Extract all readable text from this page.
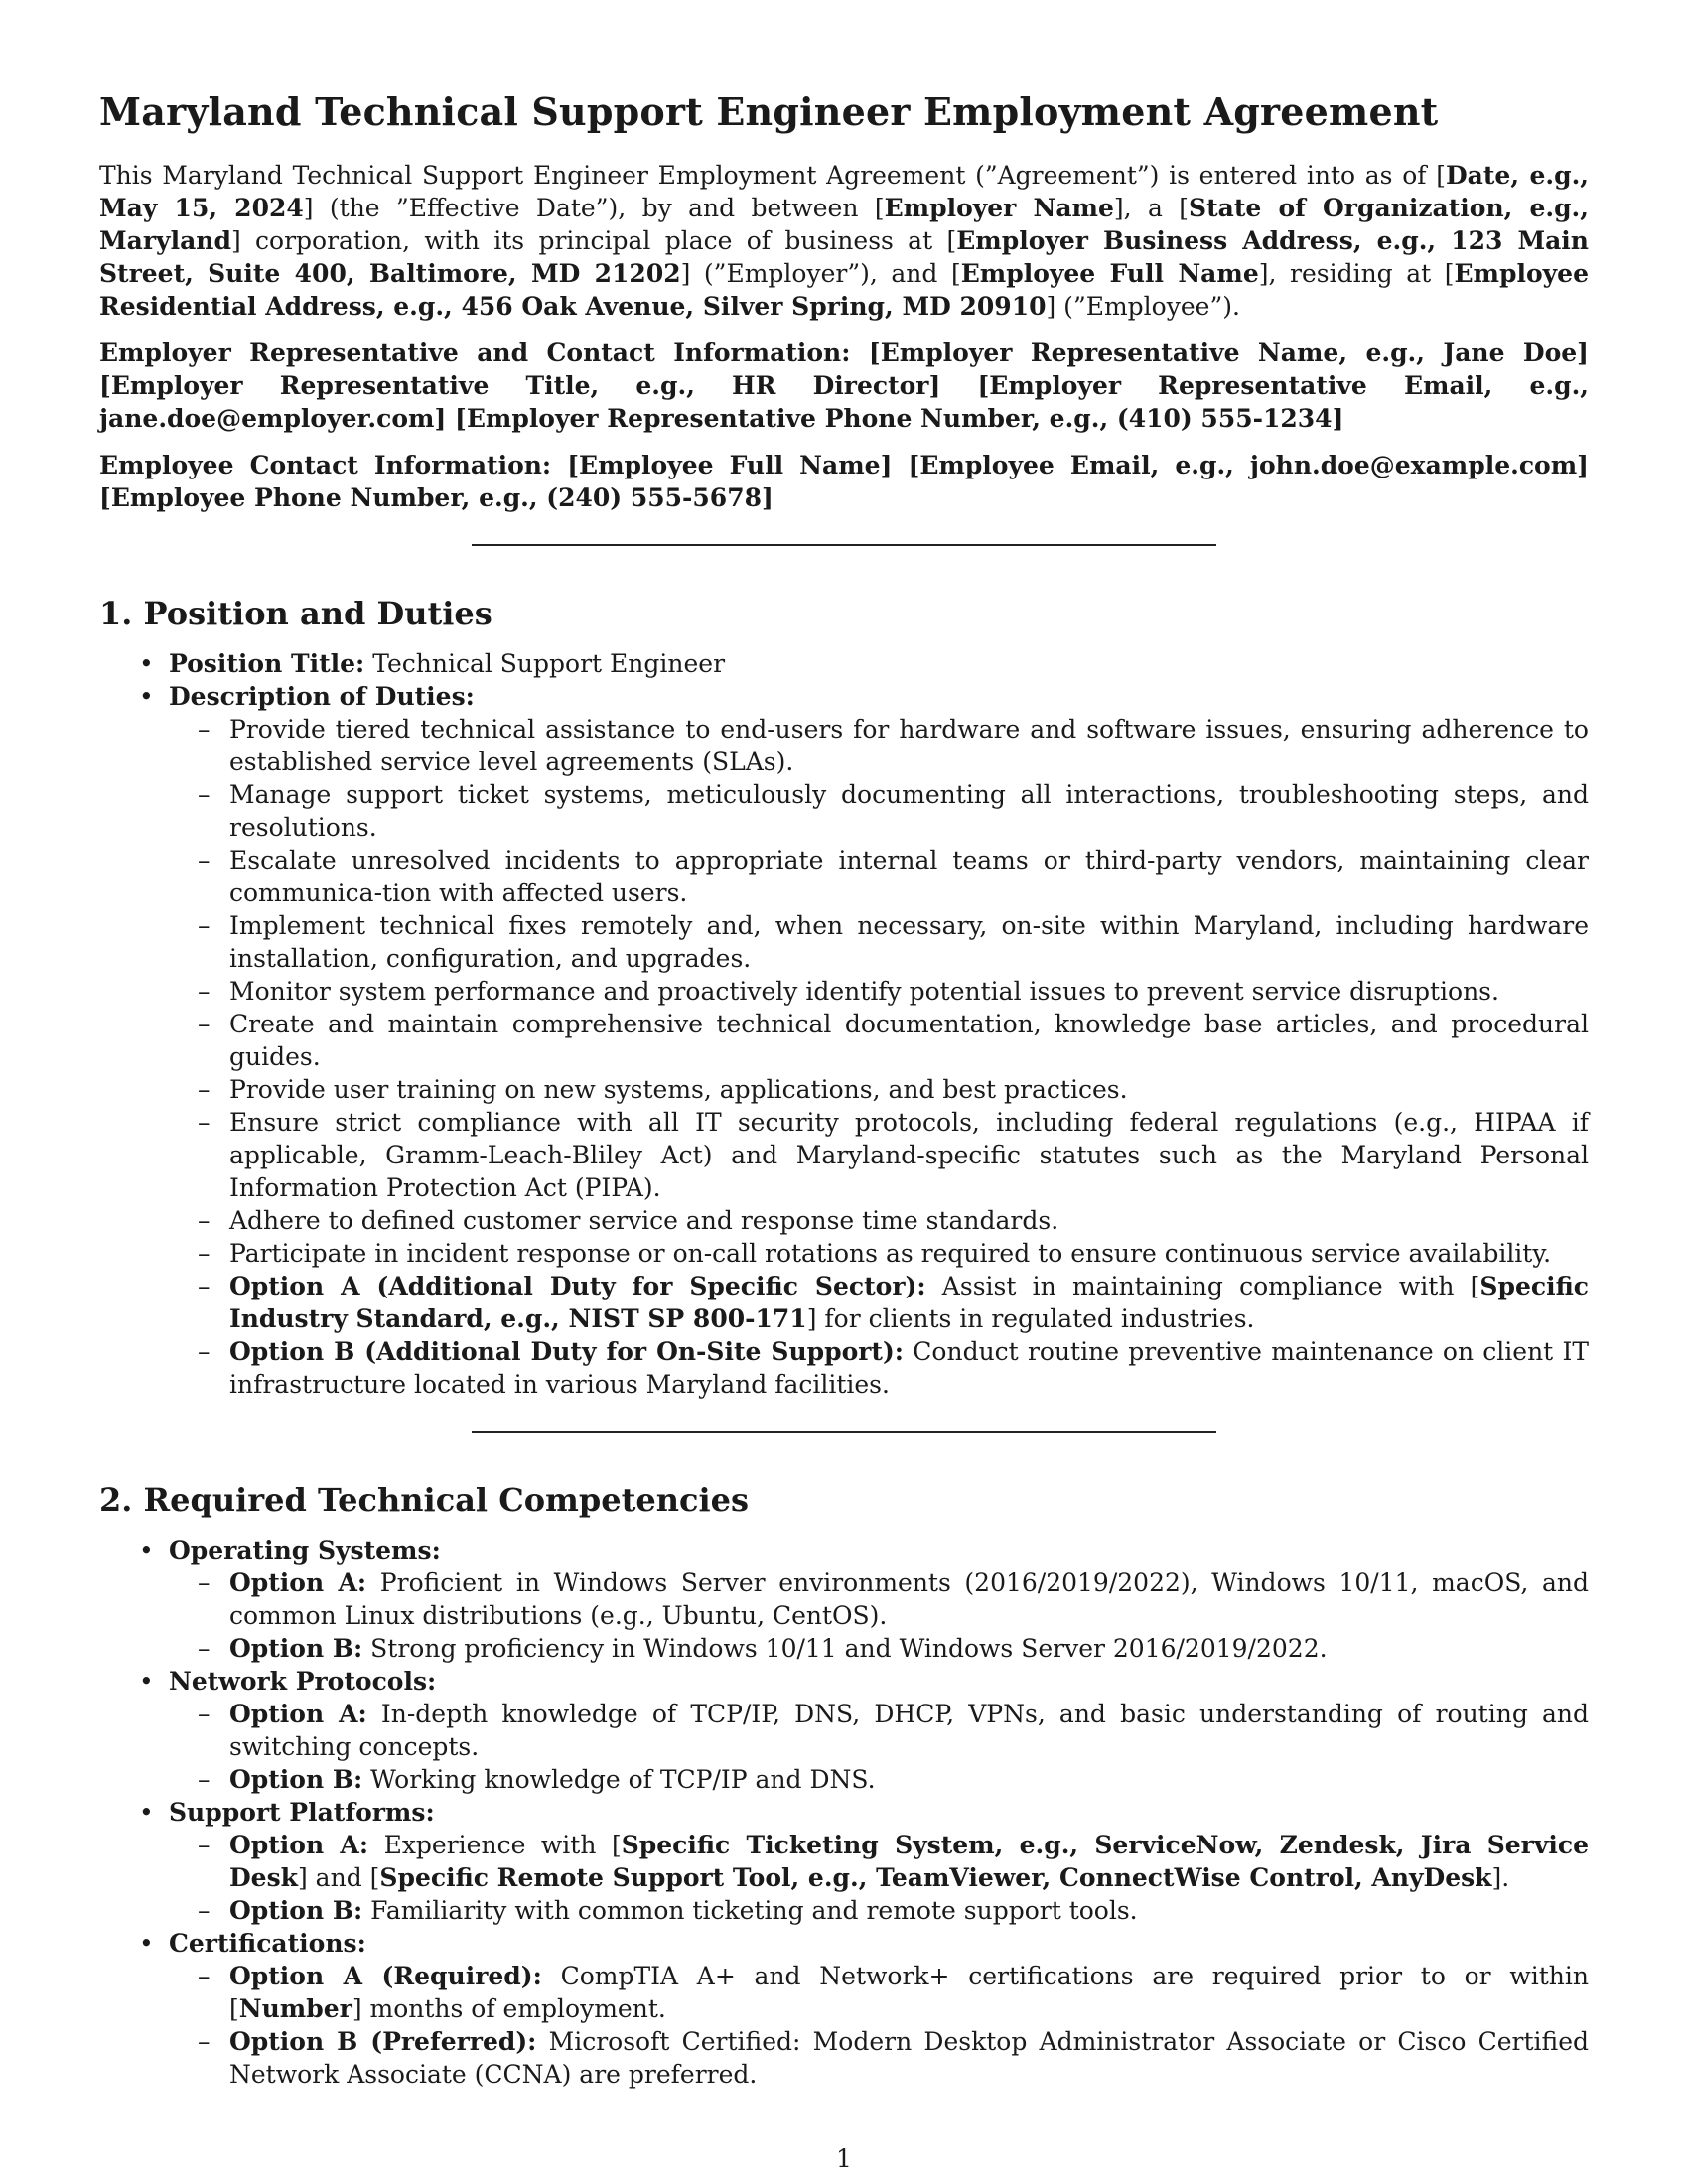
Maryland Technical Support Engineer Employment Agreement

This Maryland Technical Support Engineer Employment Agreement (”Agreement”) is entered into as of [Date, e.g., May 15, 2024] (the ”Effective Date”), by and between [Employer Name], a [State of Organization, e.g., Maryland] corporation, with its principal place of business at [Employer Business Address, e.g., 123 Main Street, Suite 400, Baltimore, MD 21202] (”Employer”), and [Employee Full Name], residing at [Employee Residential Address, e.g., 456 Oak Avenue, Silver Spring, MD 20910] (”Employee”).

Employer Representative and Contact Information: [Employer Representative Name, e.g., Jane Doe] [Employer Representative Title, e.g., HR Director] [Employer Representative Email, e.g., jane.doe@employer.com] [Employer Representative Phone Number, e.g., (410) 555-1234]

Employee Contact Information: [Employee Full Name] [Employee Email, e.g., john.doe@example.com] [Employee Phone Number, e.g., (240) 555-5678]

1. Position and Duties
• Position Title: Technical Support Engineer
• Description of Duties:
– Provide tiered technical assistance to end-users for hardware and software issues, ensuring adherence to established service level agreements (SLAs).
– Manage support ticket systems, meticulously documenting all interactions, troubleshooting steps, and resolutions.
– Escalate unresolved incidents to appropriate internal teams or third-party vendors, maintaining clear communica-tion with affected users.
– Implement technical fixes remotely and, when necessary, on-site within Maryland, including hardware installation, configuration, and upgrades.
– Monitor system performance and proactively identify potential issues to prevent service disruptions.
– Create and maintain comprehensive technical documentation, knowledge base articles, and procedural guides.
– Provide user training on new systems, applications, and best practices.
– Ensure strict compliance with all IT security protocols, including federal regulations (e.g., HIPAA if applicable, Gramm-Leach-Bliley Act) and Maryland-specific statutes such as the Maryland Personal Information Protection Act (PIPA).
– Adhere to defined customer service and response time standards.
– Participate in incident response or on-call rotations as required to ensure continuous service availability.
– Option A (Additional Duty for Specific Sector): Assist in maintaining compliance with [Specific Industry Standard, e.g., NIST SP 800-171] for clients in regulated industries.
– Option B (Additional Duty for On-Site Support): Conduct routine preventive maintenance on client IT infrastructure located in various Maryland facilities.
2. Required Technical Competencies
• Operating Systems:
– Option A: Proficient in Windows Server environments (2016/2019/2022), Windows 10/11, macOS, and common Linux distributions (e.g., Ubuntu, CentOS).
– Option B: Strong proficiency in Windows 10/11 and Windows Server 2016/2019/2022.
• Network Protocols:
– Option A: In-depth knowledge of TCP/IP, DNS, DHCP, VPNs, and basic understanding of routing and switching concepts.
– Option B: Working knowledge of TCP/IP and DNS.
• Support Platforms:
– Option A: Experience with [Specific Ticketing System, e.g., ServiceNow, Zendesk, Jira Service Desk] and [Specific Remote Support Tool, e.g., TeamViewer, ConnectWise Control, AnyDesk].
– Option B: Familiarity with common ticketing and remote support tools.
• Certifications:
– Option A (Required): CompTIA A+ and Network+ certifications are required prior to or within [Number] months of employment.
– Option B (Preferred): Microsoft Certified: Modern Desktop Administrator Associate or Cisco Certified Network Associate (CCNA) are preferred.
1
